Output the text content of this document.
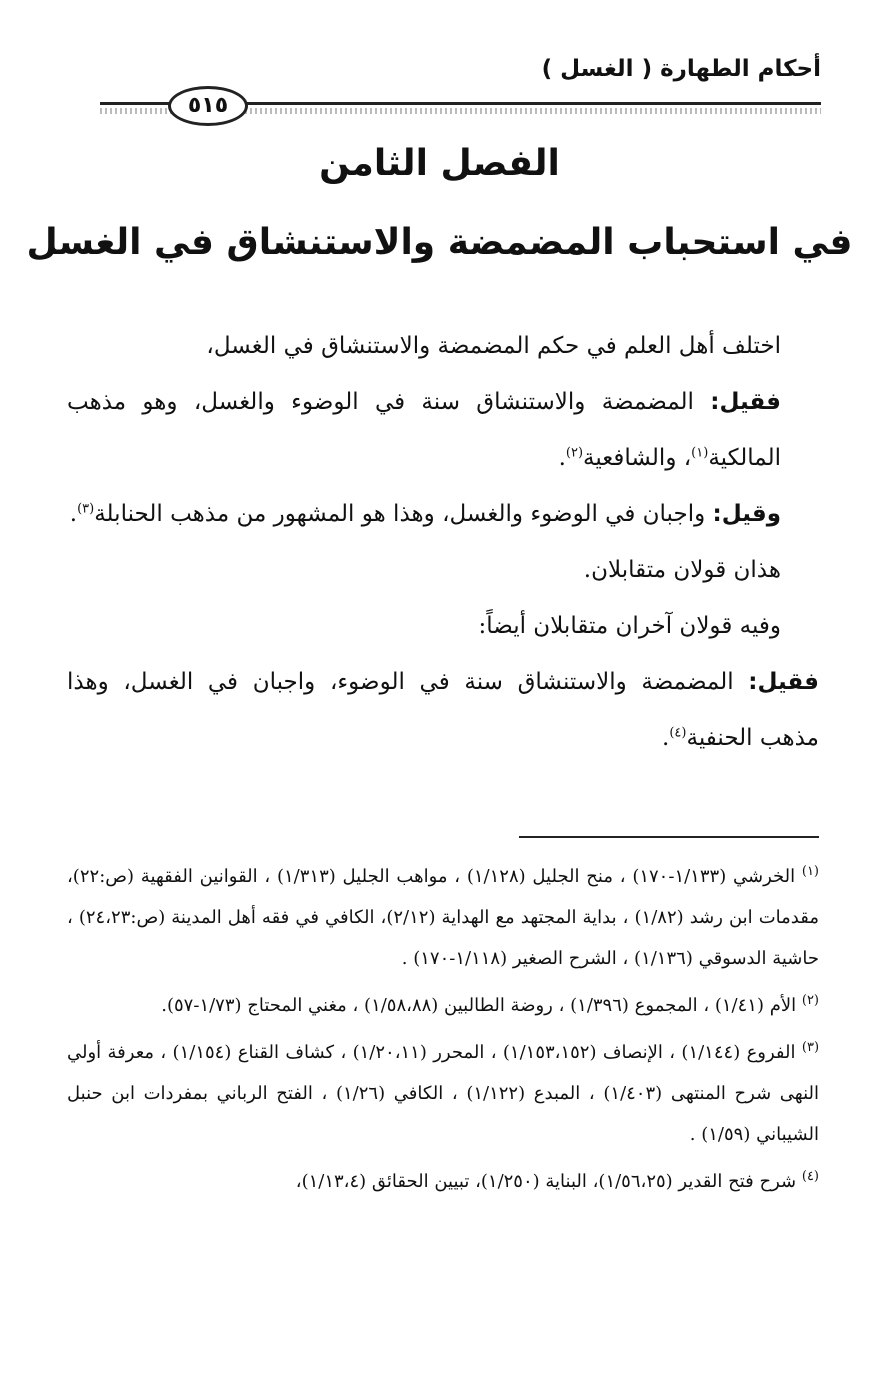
أحكام الطهارة ( الغسل )
٥١٥
الفصل الثامن
في استحباب المضمضة والاستنشاق في الغسل

اختلف أهل العلم في حكم المضمضة والاستنشاق في الغسل،

فقيل: المضمضة والاستنشاق سنة في الوضوء والغسل، وهو مذهب المالكية$^{(١)}$، والشافعية$^{(٢)}$.

وقيل: واجبان في الوضوء والغسل، وهذا هو المشهور من مذهب الحنابلة$^{(٣)}$.

هذان قولان متقابلان.

وفيه قولان آخران متقابلان أيضاً:

فقيل: المضمضة والاستنشاق سنة في الوضوء، واجبان في الغسل، وهذا مذهب الحنفية$^{(٤)}$.

$^{(١)}$ الخرشي (١/١٣٣-١٧٠) ، منح الجليل (١/١٢٨) ، مواهب الجليل (١/٣١٣) ، القوانين الفقهية (ص:٢٢)، مقدمات ابن رشد (١/٨٢) ، بداية المجتهد مع الهداية (٢/١٢)، الكافي في فقه أهل المدينة (ص:٢٤،٢٣) ، حاشية الدسوقي (١/١٣٦) ، الشرح الصغير (١/١١٨-١٧٠) .

$^{(٢)}$ الأم (١/٤١) ، المجموع (١/٣٩٦) ، روضة الطالبين (١/٥٨،٨٨) ، مغني المحتاج (١/٧٣-٥٧).

$^{(٣)}$ الفروع (١/١٤٤) ، الإنصاف (١/١٥٣،١٥٢) ، المحرر (١/٢٠،١١) ، كشاف القناع (١/١٥٤) ، معرفة أولي النهى شرح المنتهى (١/٤٠٣) ، المبدع (١/١٢٢) ، الكافي (١/٢٦) ، الفتح الرباني بمفردات ابن حنبل الشيباني (١/٥٩) .

$^{(٤)}$ شرح فتح القدير (١/٥٦،٢٥)، البناية (١/٢٥٠)، تبيين الحقائق (١/١٣،٤)،
